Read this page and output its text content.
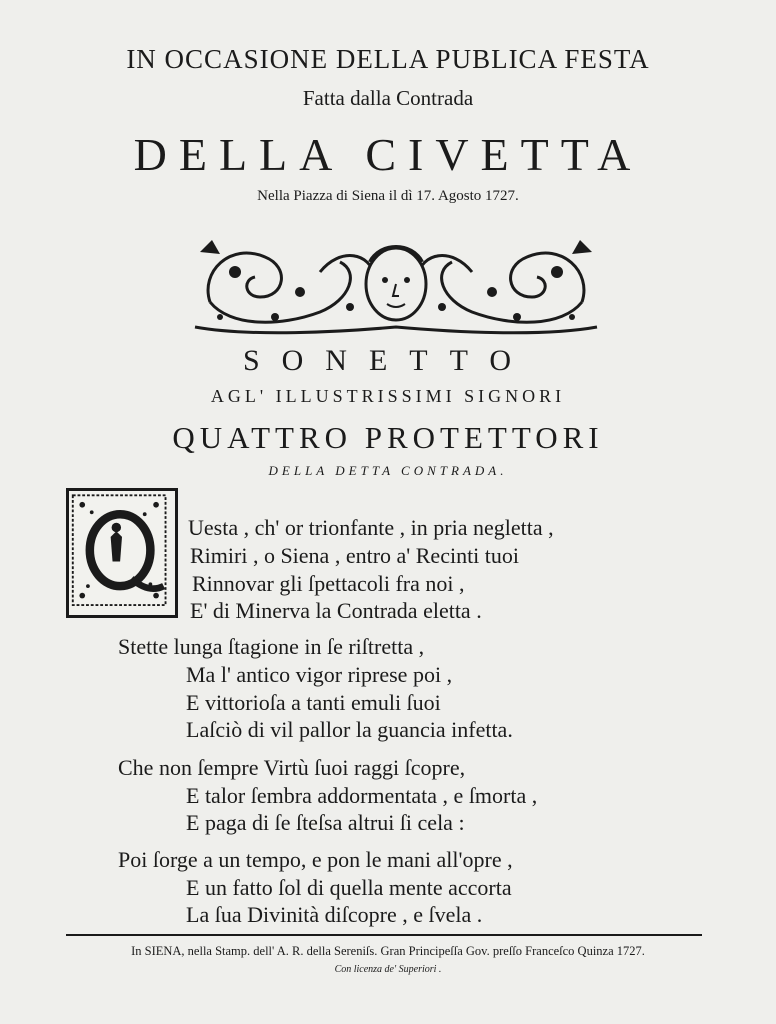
IN OCCASIONE DELLA PUBLICA FESTA
Fatta dalla Contrada
DELLA CIVETTA
Nella Piazza di Siena il dì 17. Agosto 1727.
SONETTO
AGL' ILLUSTRISSIMI SIGNORI
QUATTRO PROTETTORI
DELLA DETTA CONTRADA.
Uesta , ch' or trionfante , in pria negletta ,
Rimiri , o Siena , entro a' Recinti tuoi
Rinnovar gli ſpettacoli fra noi ,
E' di Minerva la Contrada eletta .
Stette lunga ſtagione in ſe riſtretta ,
Ma l' antico vigor riprese poi ,
E vittorioſa a tanti emuli ſuoi
Laſciò di vil pallor la guancia infetta.
Che non ſempre Virtù ſuoi raggi ſcopre,
E talor ſembra addormentata , e ſmorta ,
E paga di ſe ſteſsa altrui ſi cela :
Poi ſorge a un tempo, e pon le mani all'opre ,
E un fatto ſol di quella mente accorta
La ſua Divinità diſcopre , e ſvela .
In SIENA, nella Stamp. dell' A. R. della Sereniſs. Gran Principeſſa Gov. preſſo Franceſco Quinza 1727.
Con licenza de' Superiori .
